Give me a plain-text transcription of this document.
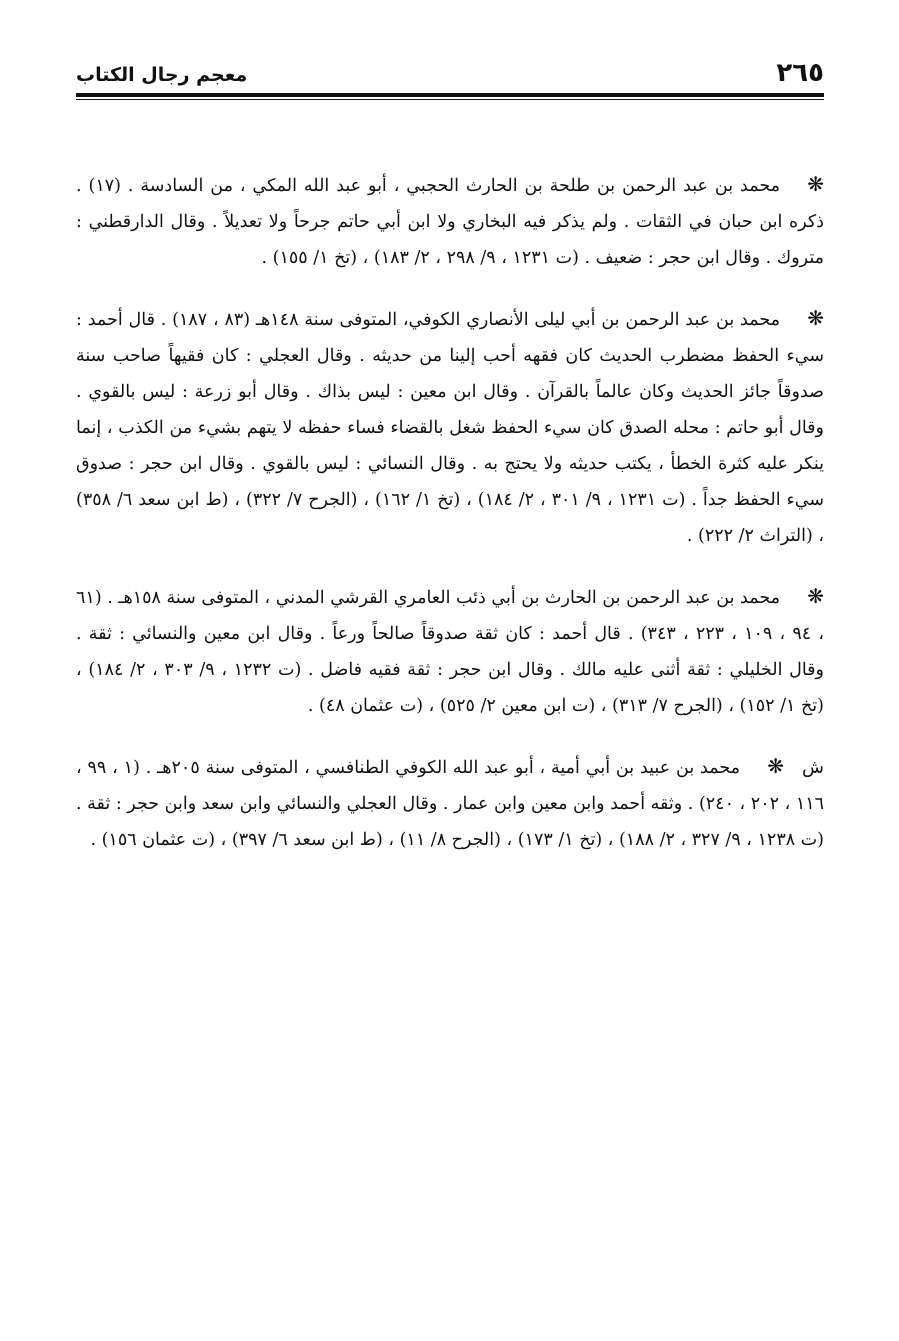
٢٦٥
معجم رجال الكتاب

❋محمد بن عبد الرحمن بن طلحة بن الحارث الحجبي ، أبو عبد الله المكي ، من السادسة . (١٧) . ذكره ابن حبان في الثقات . ولم يذكر فيه البخاري ولا ابن أبي حاتم جرحاً ولا تعديلاً . وقال الدارقطني : متروك . وقال ابن حجر : ضعيف . (ت ١٢٣١ ، ٩/ ٢٩٨ ، ٢/ ١٨٣) ، (تخ ١/ ١٥٥) .

❋محمد بن عبد الرحمن بن أبي ليلى الأنصاري الكوفي، المتوفى سنة ١٤٨هـ (٨٣ ، ١٨٧) . قال أحمد : سيء الحفظ مضطرب الحديث كان فقهه أحب إلينا من حديثه . وقال العجلي : كان فقيهاً صاحب سنة صدوقاً جائز الحديث وكان عالماً بالقرآن . وقال ابن معين : ليس بذاك . وقال أبو زرعة : ليس بالقوي . وقال أبو حاتم : محله الصدق كان سيء الحفظ شغل بالقضاء فساء حفظه لا يتهم بشيء من الكذب ، إنما ينكر عليه كثرة الخطأ ، يكتب حديثه ولا يحتج به . وقال النسائي : ليس بالقوي . وقال ابن حجر : صدوق سيء الحفظ جداً . (ت ١٢٣١ ، ٩/ ٣٠١ ، ٢/ ١٨٤) ، (تخ ١/ ١٦٢) ، (الجرح ٧/ ٣٢٢) ، (ط ابن سعد ٦/ ٣٥٨) ، (التراث ٢/ ٢٢٢) .

❋محمد بن عبد الرحمن بن الحارث بن أبي ذئب العامري القرشي المدني ، المتوفى سنة ١٥٨هـ . (٦١ ، ٩٤ ، ١٠٩ ، ٢٢٣ ، ٣٤٣) . قال أحمد : كان ثقة صدوقاً صالحاً ورعاً . وقال ابن معين والنسائي : ثقة . وقال الخليلي : ثقة أثنى عليه مالك . وقال ابن حجر : ثقة فقيه فاضل . (ت ١٢٣٢ ، ٩/ ٣٠٣ ، ٢/ ١٨٤) ، (تخ ١/ ١٥٢) ، (الجرح ٧/ ٣١٣) ، (ت ابن معين ٢/ ٥٢٥) ، (ت عثمان ٤٨) .

ش❋محمد بن عبيد بن أبي أمية ، أبو عبد الله الكوفي الطنافسي ، المتوفى سنة ٢٠٥هـ . (١ ، ٩٩ ، ١١٦ ، ٢٠٢ ، ٢٤٠) . وثقه أحمد وابن معين وابن عمار . وقال العجلي والنسائي وابن سعد وابن حجر : ثقة . (ت ١٢٣٨ ، ٩/ ٣٢٧ ، ٢/ ١٨٨) ، (تخ ١/ ١٧٣) ، (الجرح ٨/ ١١) ، (ط ابن سعد ٦/ ٣٩٧) ، (ت عثمان ١٥٦) .
